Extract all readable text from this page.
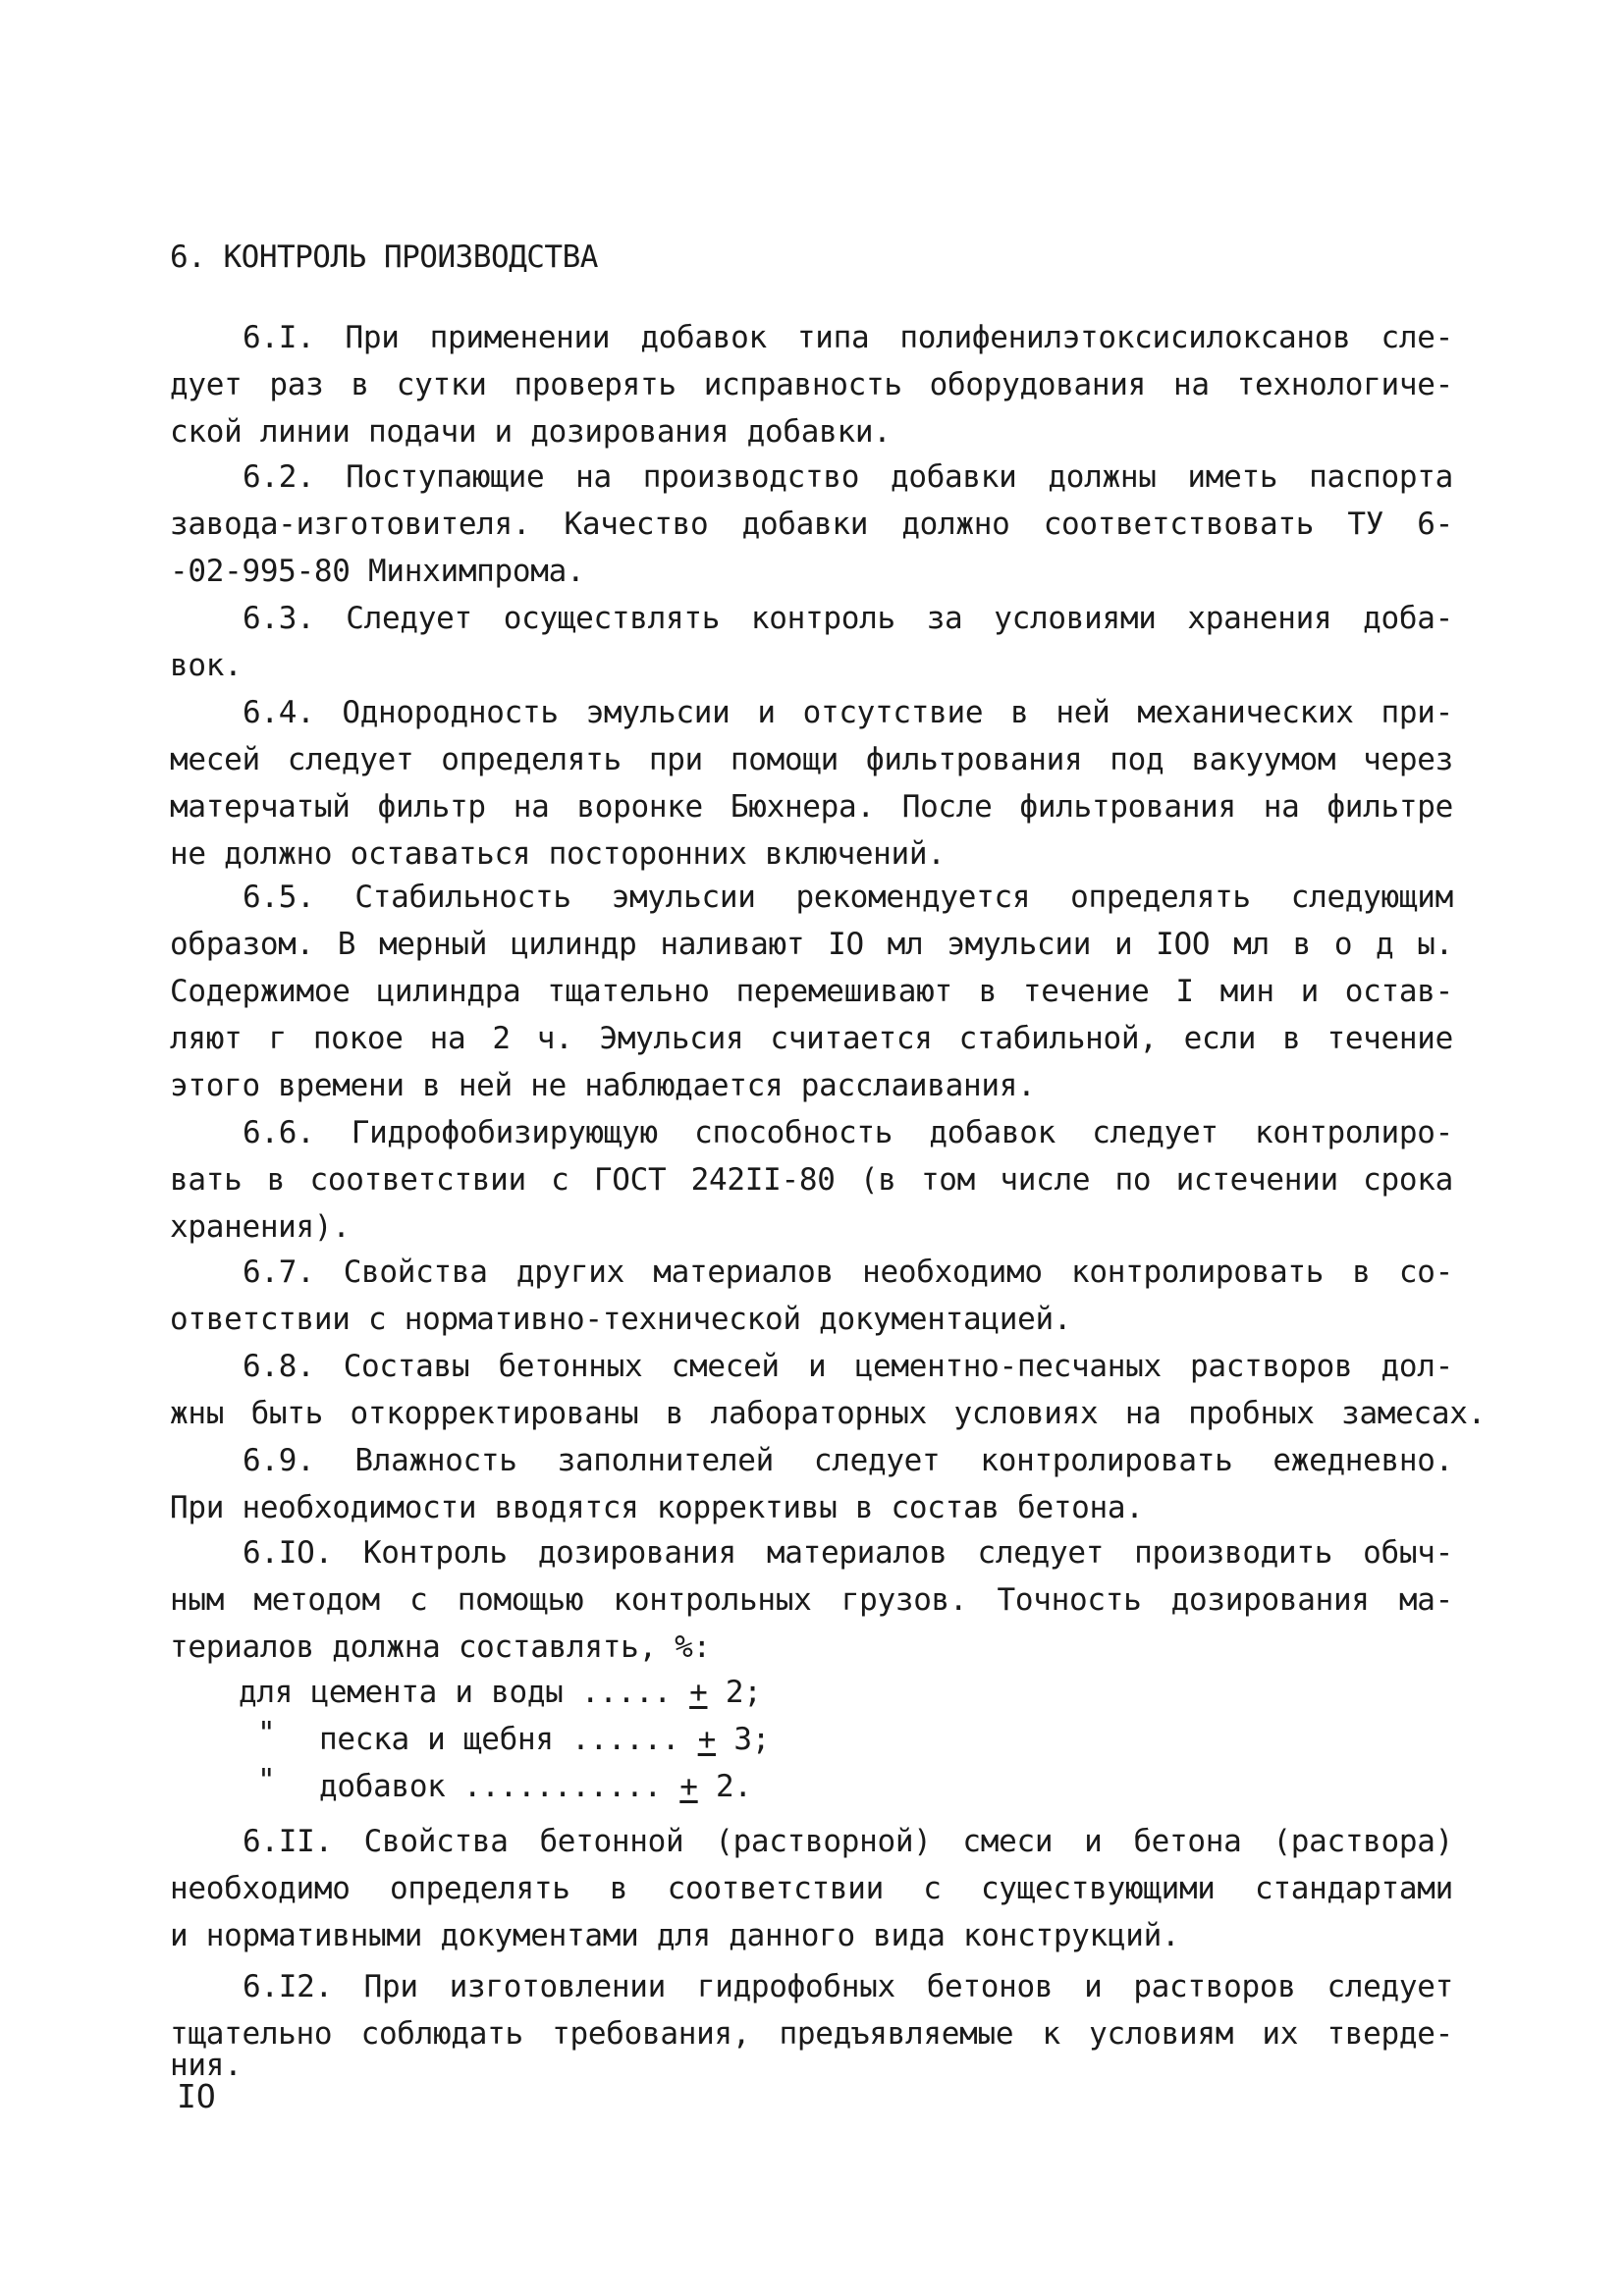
6. КОНТРОЛЬ ПРОИЗВОДСТВА
6.I. При применении добавок типа полифенилэтоксисилоксанов сле-
дует раз в сутки проверять исправность оборудования на технологиче-
ской линии подачи и дозирования добавки.
6.2. Поступающие на производство добавки должны иметь паспорта
завода-изготовителя. Качество добавки должно соответствовать ТУ 6-
-02-995-80 Минхимпрома.
6.3. Следует осуществлять контроль за условиями хранения доба-
вок.
6.4. Однородность эмульсии и отсутствие в ней механических при-
месей следует определять при помощи фильтрования под вакуумом через
матерчатый фильтр на воронке Бюхнера. После фильтрования на фильтре
не должно оставаться посторонних включений.
6.5. Стабильность эмульсии рекомендуется определять следующим
образом. В мерный цилиндр наливают IO мл эмульсии и IOO мл в о д ы.
Содержимое цилиндра тщательно перемешивают в течение I мин и остав-
ляют г покое на 2 ч. Эмульсия считается стабильной, если в течение
этого времени в ней не наблюдается расслаивания.
6.6. Гидрофобизирующую способность добавок следует контролиро-
вать в соответствии с ГОСТ 242II-80 (в том числе по истечении срока
хранения).
6.7. Свойства других материалов необходимо контролировать в со-
ответствии с нормативно-технической документацией.
6.8. Составы бетонных смесей и цементно-песчаных растворов дол-
жны быть откорректированы в лабораторных условиях на пробных замесах.
6.9. Влажность заполнителей следует контролировать ежедневно.
При необходимости вводятся коррективы в состав бетона.
6.IO. Контроль дозирования материалов следует производить обыч-
ным методом с помощью контрольных грузов. Точность дозирования ма-
териалов должна составлять, %:
для цемента и воды ..... + 2;
" песка и щебня ...... + 3;
" добавок ........... + 2.
6.II. Свойства бетонной (растворной) смеси и бетона (раствора)
необходимо определять в соответствии с существующими стандартами
и нормативными документами для данного вида конструкций.
6.I2. При изготовлении гидрофобных бетонов и растворов следует
тщательно соблюдать требования, предъявляемые к условиям их тверде-
ния.
IO
